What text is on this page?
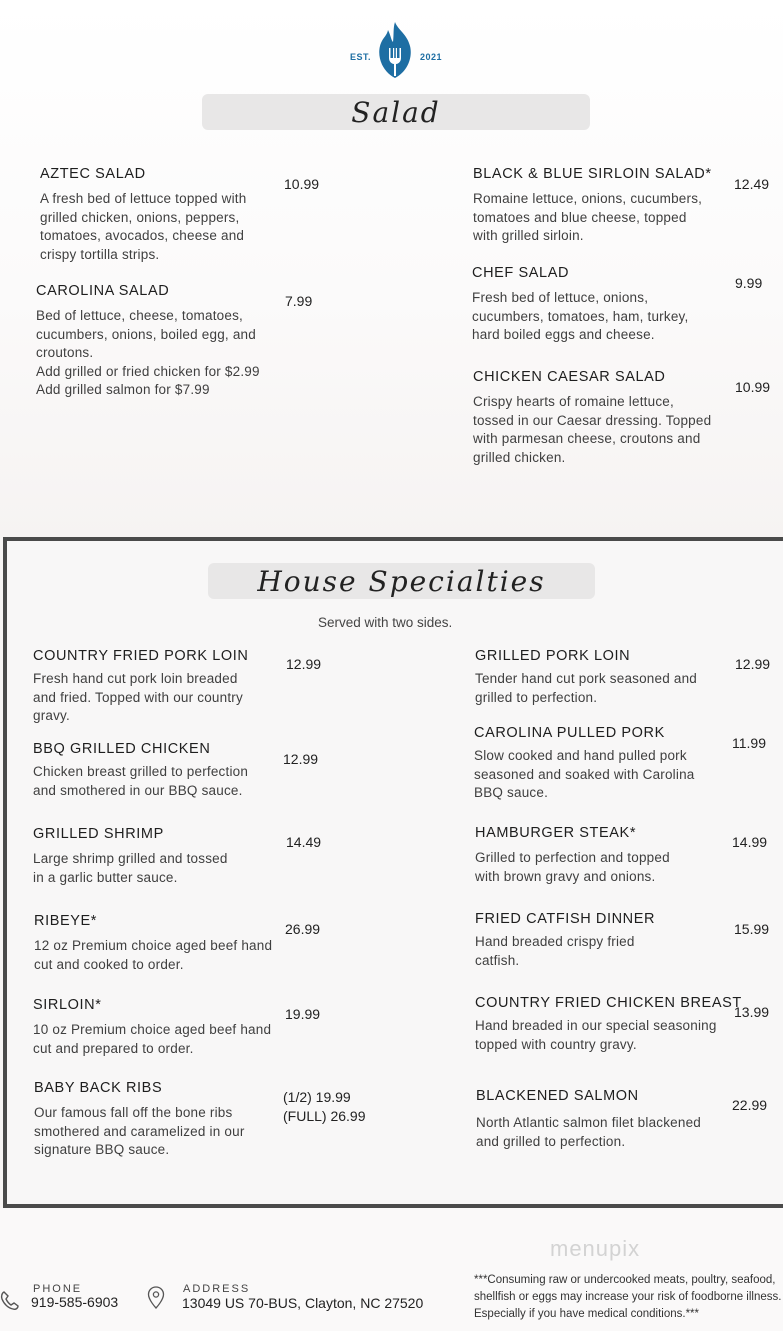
EST.	2021
Salad
AZTEC SALAD
A fresh bed of lettuce topped with
grilled chicken, onions, peppers,
tomatoes, avocados, cheese and
crispy tortilla strips.
10.99
CAROLINA SALAD
Bed of lettuce, cheese, tomatoes,
cucumbers, onions, boiled egg, and
croutons.
Add grilled or fried chicken for $2.99
Add grilled salmon for $7.99
7.99
BLACK & BLUE SIRLOIN SALAD*
Romaine lettuce, onions, cucumbers,
tomatoes and blue cheese, topped
with grilled sirloin.
12.49
CHEF SALAD
Fresh bed of lettuce, onions,
cucumbers, tomatoes, ham, turkey,
hard boiled eggs and cheese.
9.99
CHICKEN CAESAR SALAD
Crispy hearts of romaine lettuce,
tossed in our Caesar dressing. Topped
with parmesan cheese, croutons and
grilled chicken.
10.99
House Specialties
Served with two sides.
COUNTRY FRIED PORK LOIN
Fresh hand cut pork loin breaded
and fried. Topped with our country
gravy.
12.99
BBQ GRILLED CHICKEN
Chicken breast grilled to perfection
and smothered in our BBQ sauce.
12.99
GRILLED SHRIMP
Large shrimp grilled and tossed
in a garlic butter sauce.
14.49
RIBEYE*
12 oz Premium choice aged beef hand
cut and cooked to order.
26.99
SIRLOIN*
10 oz Premium choice aged beef hand
cut and prepared to order.
19.99
BABY BACK RIBS
Our famous fall off the bone ribs
smothered and caramelized in our
signature BBQ sauce.
(1/2) 19.99
(FULL) 26.99
GRILLED PORK LOIN
Tender hand cut pork seasoned and
grilled to perfection.
12.99
CAROLINA PULLED PORK
Slow cooked and hand pulled pork
seasoned and soaked with Carolina
BBQ sauce.
11.99
HAMBURGER STEAK*
Grilled to perfection and topped
with brown gravy and onions.
14.99
FRIED CATFISH DINNER
Hand breaded crispy fried
catfish.
15.99
COUNTRY FRIED CHICKEN BREAST
Hand breaded in our special seasoning
topped with country gravy.
13.99
BLACKENED SALMON
North Atlantic salmon filet blackened
and grilled to perfection.
22.99
menupix
PHONE
919-585-6903
ADDRESS
13049 US 70-BUS, Clayton, NC 27520
***Consuming raw or undercooked meats, poultry, seafood,
shellfish or eggs may increase your risk of foodborne illness.
Especially if you have medical conditions.***
